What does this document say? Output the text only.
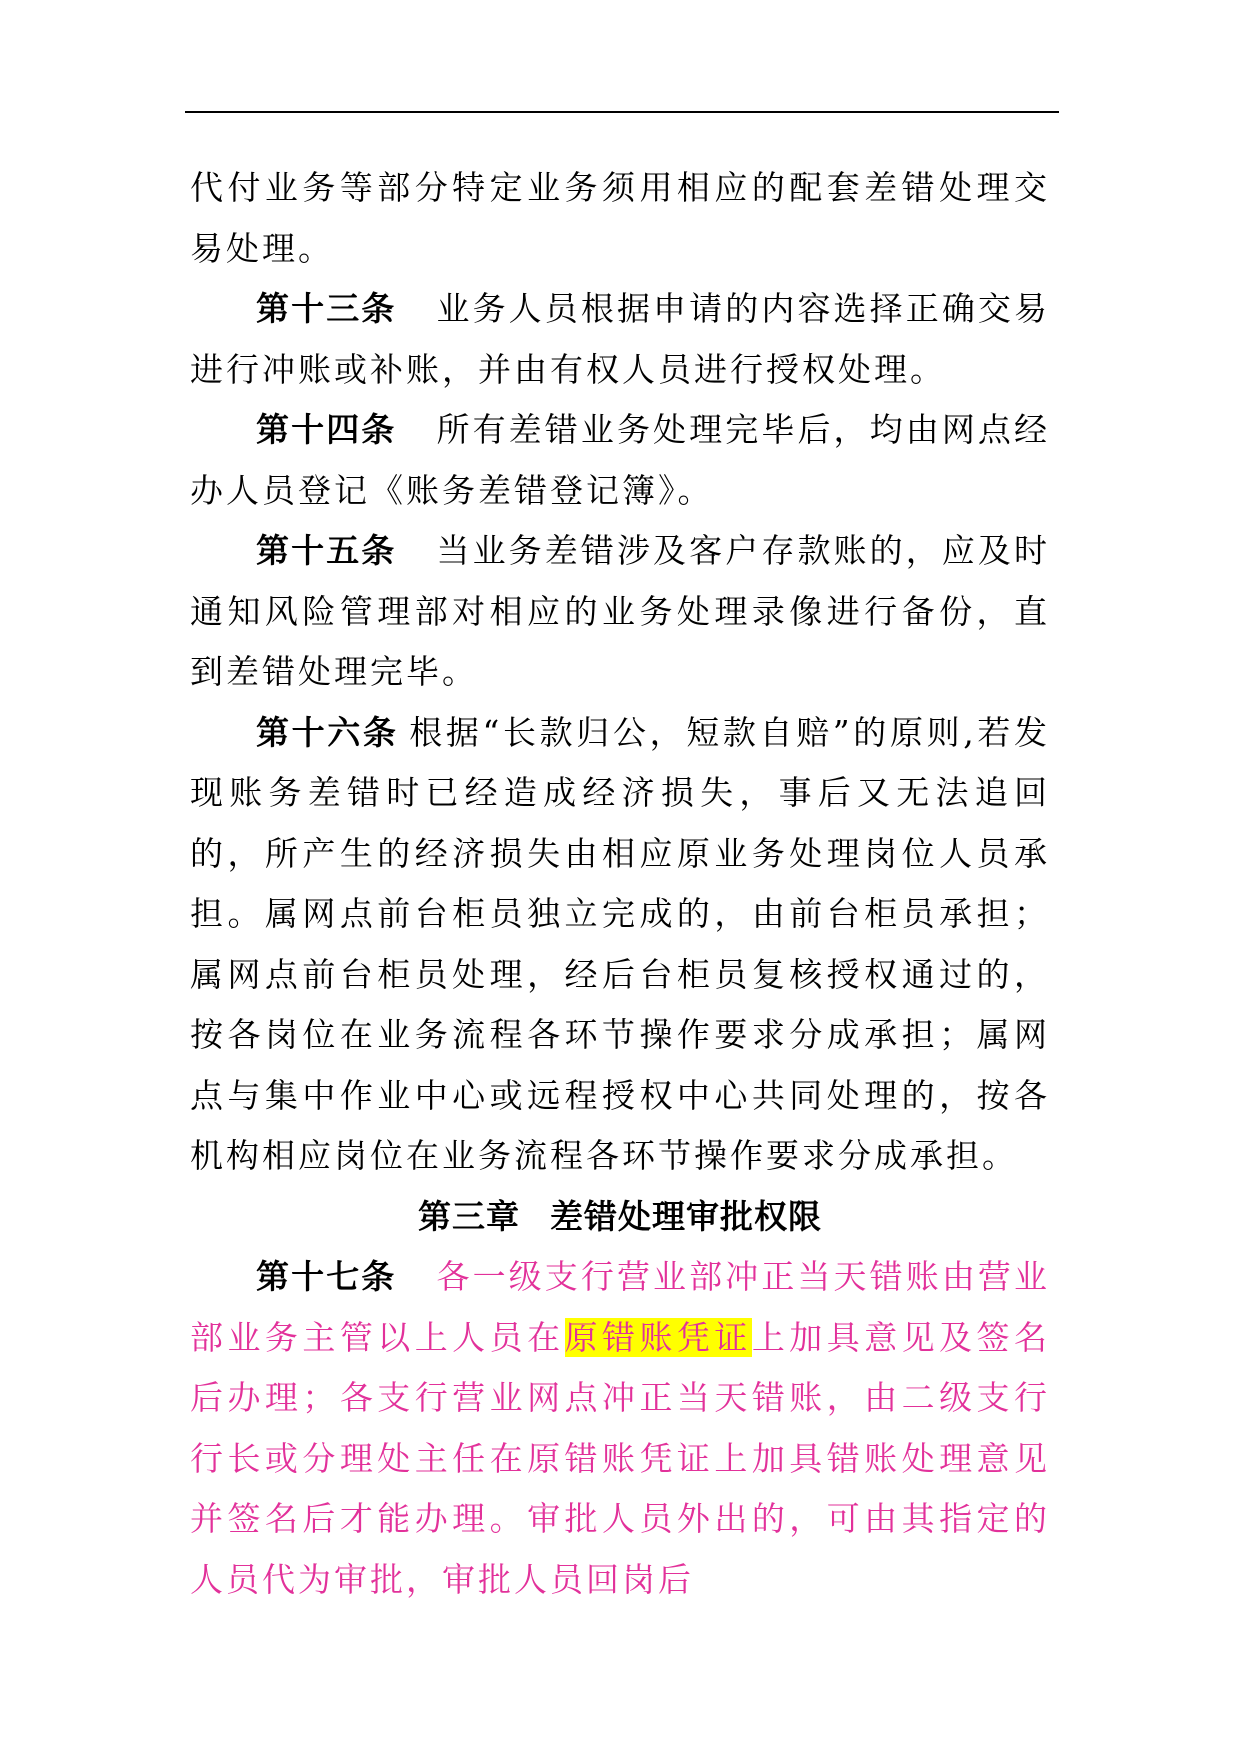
代付业务等部分特定业务须用相应的配套差错处理交易处理。

第十三条 业务人员根据申请的内容选择正确交易进行冲账或补账，并由有权人员进行授权处理。

第十四条 所有差错业务处理完毕后，均由网点经办人员登记《账务差错登记簿》。

第十五条 当业务差错涉及客户存款账的，应及时通知风险管理部对相应的业务处理录像进行备份，直到差错处理完毕。

第十六条 根据“长款归公，短款自赔”的原则,若发现账务差错时已经造成经济损失，事后又无法追回的，所产生的经济损失由相应原业务处理岗位人员承担。属网点前台柜员独立完成的，由前台柜员承担；属网点前台柜员处理，经后台柜员复核授权通过的，按各岗位在业务流程各环节操作要求分成承担；属网点与集中作业中心或远程授权中心共同处理的，按各机构相应岗位在业务流程各环节操作要求分成承担。

第三章 差错处理审批权限

第十七条 各一级支行营业部冲正当天错账由营业部业务主管以上人员在原错账凭证上加具意见及签名后办理；各支行营业网点冲正当天错账，由二级支行行长或分理处主任在原错账凭证上加具错账处理意见并签名后才能办理。审批人员外出的，可由其指定的人员代为审批，审批人员回岗后
